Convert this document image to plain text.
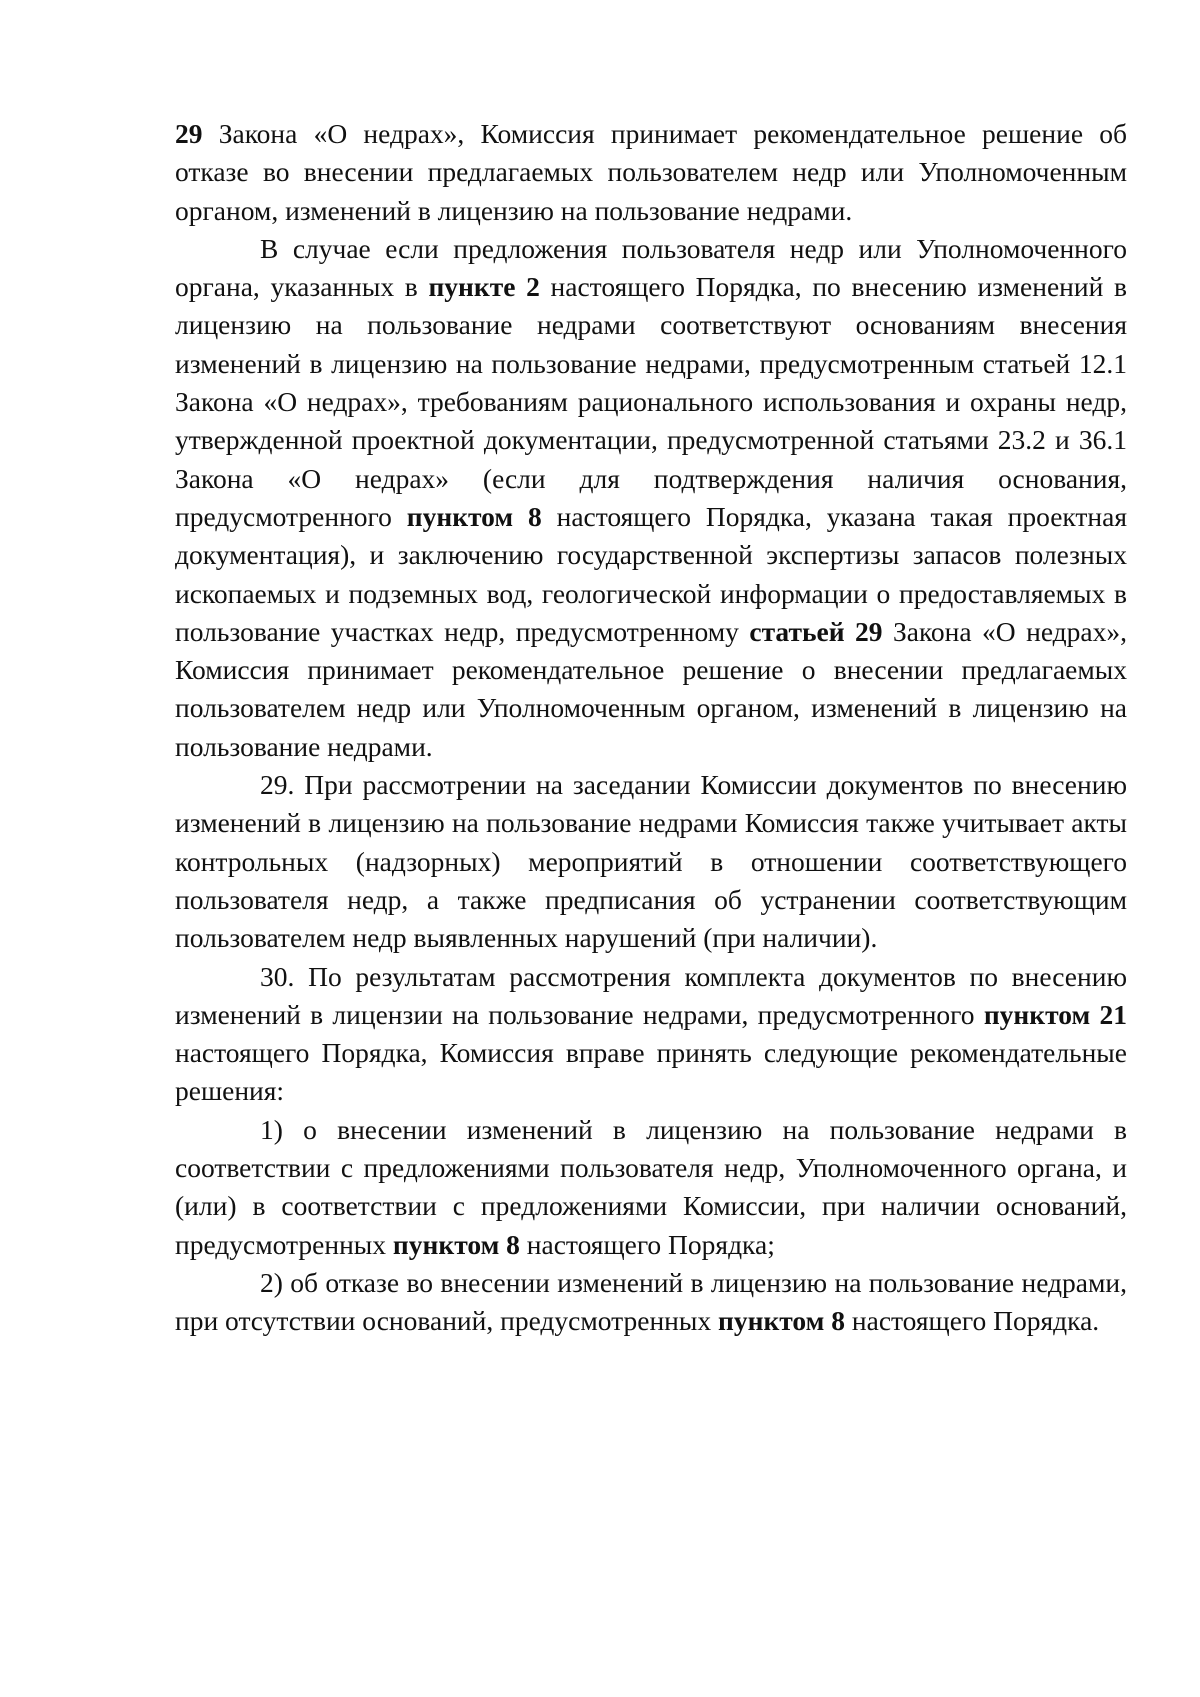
29 Закона «О недрах», Комиссия принимает рекомендательное решение об отказе во внесении предлагаемых пользователем недр или Уполномоченным органом, изменений в лицензию на пользование недрами.

В случае если предложения пользователя недр или Уполномоченного органа, указанных в пункте 2 настоящего Порядка, по внесению изменений в лицензию на пользование недрами соответствуют основаниям внесения изменений в лицензию на пользование недрами, предусмотренным статьей 12.1 Закона «О недрах», требованиям рационального использования и охраны недр, утвержденной проектной документации, предусмотренной статьями 23.2 и 36.1 Закона «О недрах» (если для подтверждения наличия основания, предусмотренного пунктом 8 настоящего Порядка, указана такая проектная документация), и заключению государственной экспертизы запасов полезных ископаемых и подземных вод, геологической информации о предоставляемых в пользование участках недр, предусмотренному статьей 29 Закона «О недрах», Комиссия принимает рекомендательное решение о внесении предлагаемых пользователем недр или Уполномоченным органом, изменений в лицензию на пользование недрами.

29. При рассмотрении на заседании Комиссии документов по внесению изменений в лицензию на пользование недрами Комиссия также учитывает акты контрольных (надзорных) мероприятий в отношении соответствующего пользователя недр, а также предписания об устранении соответствующим пользователем недр выявленных нарушений (при наличии).

30. По результатам рассмотрения комплекта документов по внесению изменений в лицензии на пользование недрами, предусмотренного пунктом 21 настоящего Порядка, Комиссия вправе принять следующие рекомендательные решения:

1) о внесении изменений в лицензию на пользование недрами в соответствии с предложениями пользователя недр, Уполномоченного органа, и (или) в соответствии с предложениями Комиссии, при наличии оснований, предусмотренных пунктом 8 настоящего Порядка;

2) об отказе во внесении изменений в лицензию на пользование недрами, при отсутствии оснований, предусмотренных пунктом 8 настоящего Порядка.
